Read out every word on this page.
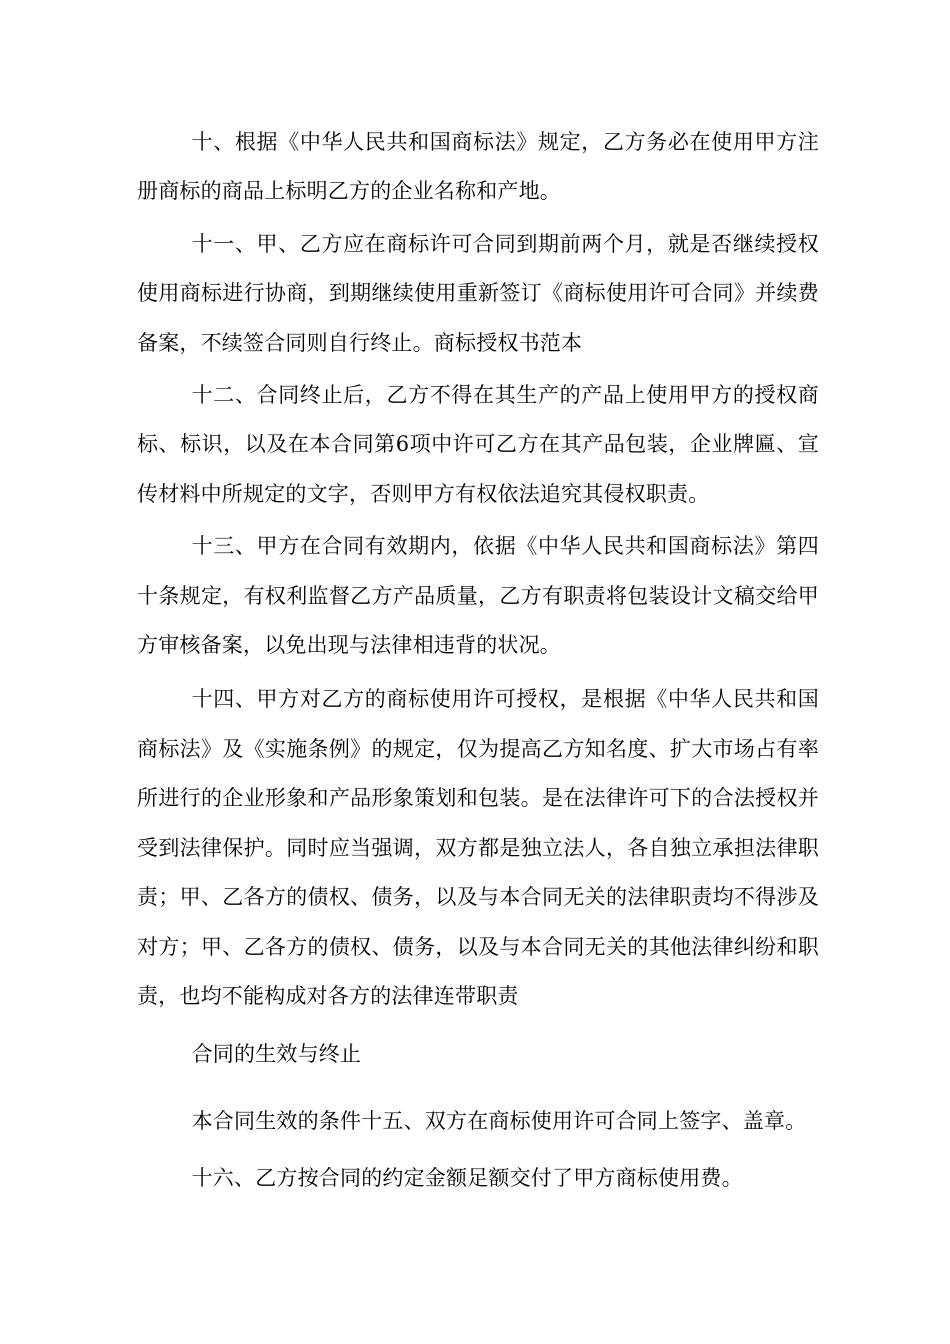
十、根据《中华人民共和国商标法》规定，乙方务必在使用甲方注册商标的商品上标明乙方的企业名称和产地。

十一、甲、乙方应在商标许可合同到期前两个月，就是否继续授权使用商标进行协商，到期继续使用重新签订《商标使用许可合同》并续费备案，不续签合同则自行终止。商标授权书范本

十二、合同终止后，乙方不得在其生产的产品上使用甲方的授权商标、标识，以及在本合同第6项中许可乙方在其产品包装，企业牌匾、宣传材料中所规定的文字，否则甲方有权依法追究其侵权职责。

十三、甲方在合同有效期内，依据《中华人民共和国商标法》第四十条规定，有权利监督乙方产品质量，乙方有职责将包装设计文稿交给甲方审核备案，以免出现与法律相违背的状况。

十四、甲方对乙方的商标使用许可授权，是根据《中华人民共和国商标法》及《实施条例》的规定，仅为提高乙方知名度、扩大市场占有率所进行的企业形象和产品形象策划和包装。是在法律许可下的合法授权并受到法律保护。同时应当强调，双方都是独立法人，各自独立承担法律职责；甲、乙各方的债权、债务，以及与本合同无关的法律职责均不得涉及对方；甲、乙各方的债权、债务，以及与本合同无关的其他法律纠纷和职责，也均不能构成对各方的法律连带职责

合同的生效与终止

本合同生效的条件十五、双方在商标使用许可合同上签字、盖章。

十六、乙方按合同的约定金额足额交付了甲方商标使用费。
